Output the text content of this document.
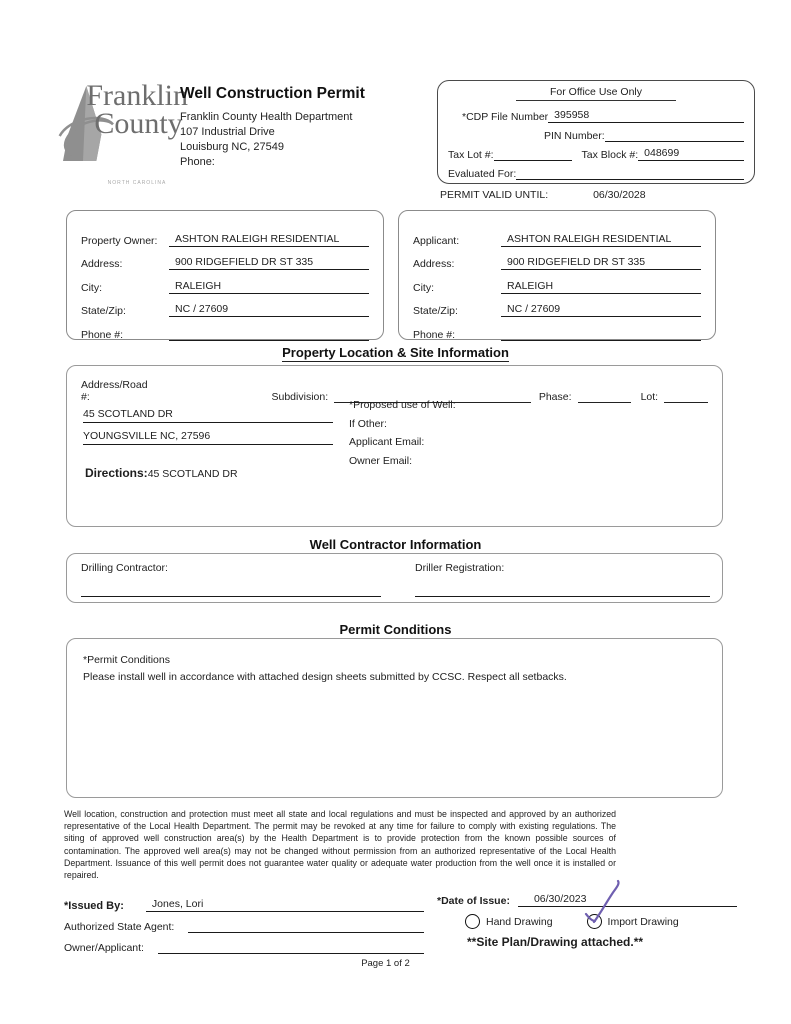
Franklin
County
NORTH CAROLINA
Well Construction Permit
Franklin County Health Department
107 Industrial Drive
Louisburg NC, 27549
Phone:
For Office Use Only
*CDP File Number 395958
PIN Number:
Tax Lot #:	Tax Block #: 048699
Evaluated For:
PERMIT VALID UNTIL:	06/30/2028
Property Owner:	ASHTON RALEIGH RESIDENTIAL
Address:	900 RIDGEFIELD DR ST 335
City:	RALEIGH
State/Zip:	NC / 27609
Phone #:
Applicant:	ASHTON RALEIGH RESIDENTIAL
Address:	900 RIDGEFIELD DR ST 335
City:	RALEIGH
State/Zip:	NC / 27609
Phone #:
Property Location & Site Information
Address/Road #:	Subdivision:	Phase:	Lot:
45 SCOTLAND DR
YOUNGSVILLE NC, 27596
*Proposed use of Well:
If Other:
Applicant Email:
Owner Email:
Directions:45 SCOTLAND DR
Well Contractor Information
Drilling Contractor:	Driller Registration:
Permit Conditions
*Permit Conditions
Please install well in accordance with attached design sheets submitted by CCSC. Respect all setbacks.
Well location, construction and protection must meet all state and local regulations and must be inspected and approved by an authorized representative of the Local Health Department. The permit may be revoked at any time for failure to comply with existing regulations. The siting of approved well construction area(s) by the Health Department is to provide protection from the known possible sources of contamination. The approved well area(s) may not be changed without permission from an authorized representative of the Local Health Department. Issuance of this well permit does not guarantee water quality or adequate water production from the well once it is installed or repaired.
*Issued By:	Jones, Lori
Authorized State Agent:
Owner/Applicant:
*Date of Issue:	06/30/2023
Hand Drawing	Import Drawing
**Site Plan/Drawing attached.**
Page 1 of 2
